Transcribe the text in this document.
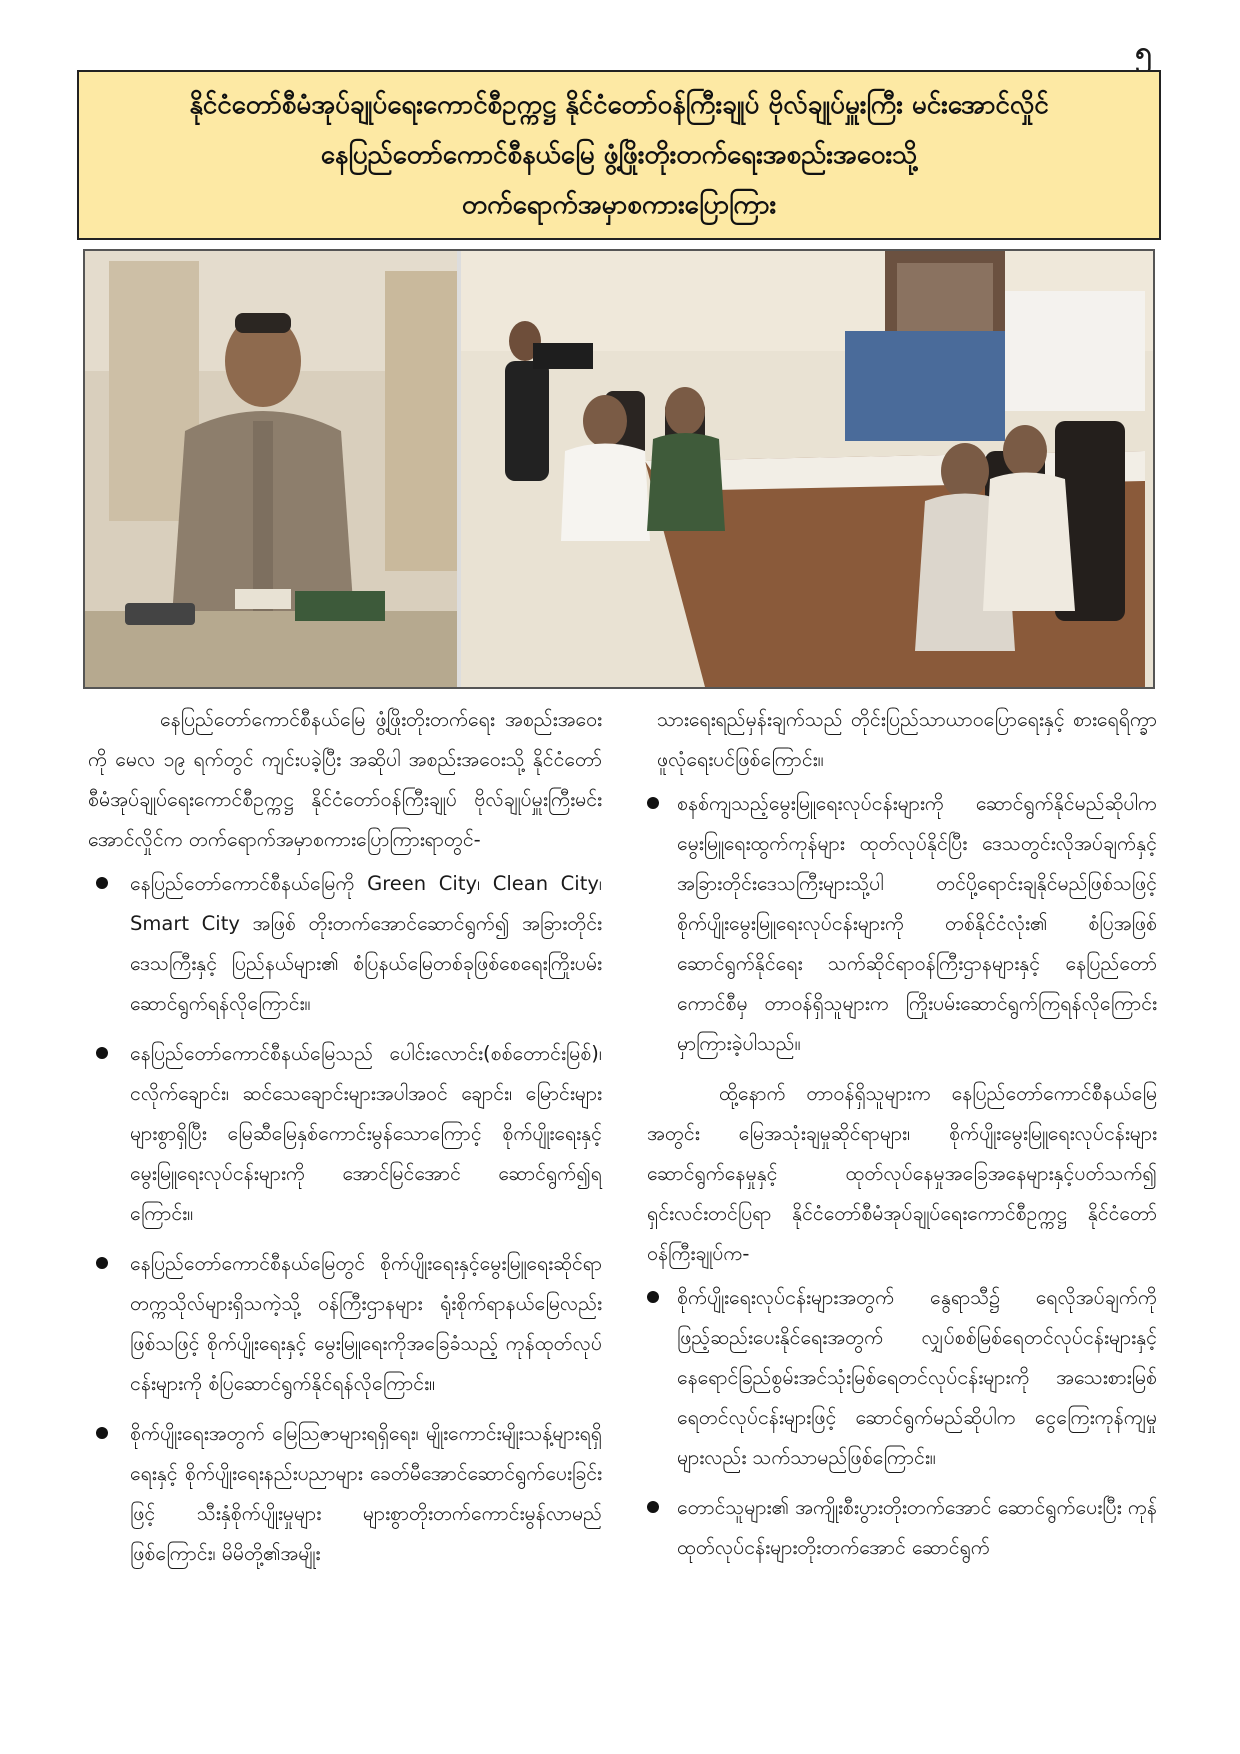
၅
နိုင်ငံတော်စီမံအုပ်ချုပ်ရေးကောင်စီဥက္ကဋ္ဌ နိုင်ငံတော်ဝန်ကြီးချုပ် ဗိုလ်ချုပ်မှူးကြီး မင်းအောင်လှိုင်
နေပြည်တော်ကောင်စီနယ်မြေ ဖွံ့ဖြိုးတိုးတက်ရေးအစည်းအဝေးသို့
တက်ရောက်အမှာစကားပြောကြား

နေပြည်တော်ကောင်စီနယ်မြေ ဖွံ့ဖြိုးတိုးတက်ရေး အစည်းအဝေးကို မေလ ၁၉ ရက်တွင် ကျင်းပခဲ့ပြီး အဆိုပါ အစည်းအဝေးသို့ နိုင်ငံတော်စီမံအုပ်ချုပ်ရေးကောင်စီဥက္ကဋ္ဌ နိုင်ငံတော်ဝန်ကြီးချုပ် ဗိုလ်ချုပ်မှူးကြီးမင်းအောင်လှိုင်က တက်ရောက်အမှာစကားပြောကြားရာတွင်-

နေပြည်တော်ကောင်စီနယ်မြေကို Green City၊ Clean City၊ Smart City အဖြစ် တိုးတက်အောင်ဆောင်ရွက်၍ အခြားတိုင်းဒေသကြီးနှင့် ပြည်နယ်များ၏ စံပြနယ်မြေတစ်ခုဖြစ်စေရေးကြိုးပမ်းဆောင်ရွက်ရန်လိုကြောင်း။
နေပြည်တော်ကောင်စီနယ်မြေသည် ပေါင်းလောင်း(စစ်တောင်းမြစ်)၊ ငလိုက်ချောင်း၊ ဆင်သေချောင်းများအပါအဝင် ချောင်း၊ မြောင်းများ များစွာရှိပြီး မြေဆီမြေနှစ်ကောင်းမွန်သောကြောင့် စိုက်ပျိုးရေးနှင့် မွေးမြူရေးလုပ်ငန်းများကို အောင်မြင်အောင် ဆောင်ရွက်၍ရကြောင်း။
နေပြည်တော်ကောင်စီနယ်မြေတွင် စိုက်ပျိုးရေးနှင့်မွေးမြူရေးဆိုင်ရာတက္ကသိုလ်များရှိသကဲ့သို့ ဝန်ကြီးဌာနများ ရုံးစိုက်ရာနယ်မြေလည်းဖြစ်သဖြင့် စိုက်ပျိုးရေးနှင့် မွေးမြူရေးကိုအခြေခံသည့် ကုန်ထုတ်လုပ်ငန်းများကို စံပြဆောင်ရွက်နိုင်ရန်လိုကြောင်း။
စိုက်ပျိုးရေးအတွက် မြေဩဇာများရရှိရေး၊ မျိုးကောင်းမျိုးသန့်များရရှိရေးနှင့် စိုက်ပျိုးရေးနည်းပညာများ ခေတ်မီအောင်ဆောင်ရွက်ပေးခြင်းဖြင့် သီးနှံစိုက်ပျိုးမှုများ များစွာတိုးတက်ကောင်းမွန်လာမည်ဖြစ်ကြောင်း၊ မိမိတို့၏အမျိုး

သားရေးရည်မှန်းချက်သည် တိုင်းပြည်သာယာဝပြောရေးနှင့် စားရေရိက္ခာဖူလုံရေးပင်ဖြစ်ကြောင်း။

စနစ်ကျသည့်မွေးမြူရေးလုပ်ငန်းများကို ဆောင်ရွက်နိုင်မည်ဆိုပါက မွေးမြူရေးထွက်ကုန်များ ထုတ်လုပ်နိုင်ပြီး ဒေသတွင်းလိုအပ်ချက်နှင့် အခြားတိုင်းဒေသကြီးများသို့ပါ တင်ပို့ရောင်းချနိုင်မည်ဖြစ်သဖြင့် စိုက်ပျိုးမွေးမြူရေးလုပ်ငန်းများကို တစ်နိုင်ငံလုံး၏ စံပြအဖြစ်ဆောင်ရွက်နိုင်ရေး သက်ဆိုင်ရာဝန်ကြီးဌာနများနှင့် နေပြည်တော်ကောင်စီမှ တာဝန်ရှိသူများက ကြိုးပမ်းဆောင်ရွက်ကြရန်လိုကြောင်း မှာကြားခဲ့ပါသည်။

ထို့နောက် တာဝန်ရှိသူများက နေပြည်တော်ကောင်စီနယ်မြေအတွင်း မြေအသုံးချမှုဆိုင်ရာများ၊ စိုက်ပျိုးမွေးမြူရေးလုပ်ငန်းများဆောင်ရွက်နေမှုနှင့် ထုတ်လုပ်နေမှုအခြေအနေများနှင့်ပတ်သက်၍ ရှင်းလင်းတင်ပြရာ နိုင်ငံတော်စီမံအုပ်ချုပ်ရေးကောင်စီဥက္ကဋ္ဌ နိုင်ငံတော်ဝန်ကြီးချုပ်က-

စိုက်ပျိုးရေးလုပ်ငန်းများအတွက် နွေရာသီ၌ ရေလိုအပ်ချက်ကို ဖြည့်ဆည်းပေးနိုင်ရေးအတွက် လျှပ်စစ်မြစ်ရေတင်လုပ်ငန်းများနှင့် နေရောင်ခြည်စွမ်းအင်သုံးမြစ်ရေတင်လုပ်ငန်းများကို အသေးစားမြစ်ရေတင်လုပ်ငန်းများဖြင့် ဆောင်ရွက်မည်ဆိုပါက ငွေကြေးကုန်ကျမှုများလည်း သက်သာမည်ဖြစ်ကြောင်း။
တောင်သူများ၏ အကျိုးစီးပွားတိုးတက်အောင် ဆောင်ရွက်ပေးပြီး ကုန်ထုတ်လုပ်ငန်းများတိုးတက်အောင် ဆောင်ရွက်
